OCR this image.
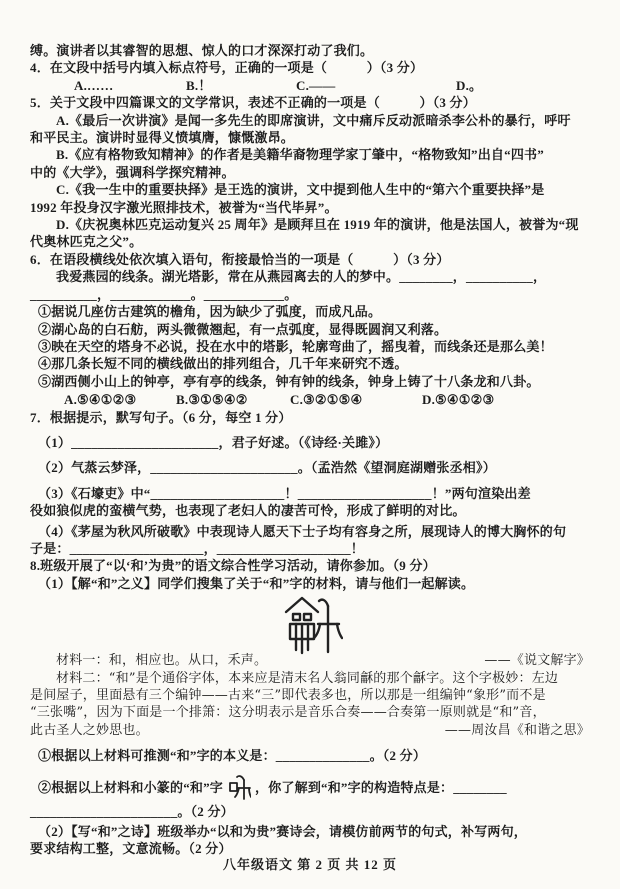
缚。演讲者以其睿智的思想、惊人的口才深深打动了我们。
4．在文段中括号内填入标点符号，正确的一项是（　　　）（3 分）
A.……	B.！	C.——	D.。
5．关于文段中四篇课文的文学常识，表述不正确的一项是（　　　）（3 分）
A.《最后一次讲演》是闻一多先生的即席演讲，文中痛斥反动派暗杀李公朴的暴行，呼吁
和平民主。演讲时显得义愤填膺，慷慨激昂。
B.《应有格物致知精神》的作者是美籍华裔物理学家丁肇中，“格物致知”出自“四书”
中的《大学》，强调科学探究精神。
C.《我一生中的重要抉择》是王选的演讲，文中提到他人生中的“第六个重要抉择”是
1992 年投身汉字激光照排技术，被誉为“当代毕昇”。
D.《庆祝奥林匹克运动复兴 25 周年》是顾拜旦在 1919 年的演讲，他是法国人，被誉为“现
代奥林匹克之父”。
6．在语段横线处依次填入语句，衔接最恰当的一项是（　　　）（3 分）
我爱燕园的线条。湖光塔影，常在从燕园离去的人的梦中。________，__________，
__________，____________。____________。
①据说几座仿古建筑的檐角，因为缺少了弧度，而成凡品。
②湖心岛的白石舫，两头微微翘起，有一点弧度，显得既圆润又利落。
③映在天空的塔身不必说，投在水中的塔影，轮廓弯曲了，摇曳着，而线条还是那么美！
④那几条长短不同的横线做出的排列组合，几千年来研究不透。
⑤湖西侧小山上的钟亭，亭有亭的线条，钟有钟的线条，钟身上铸了十八条龙和八卦。
A.⑤④①②③	B.③①⑤④②	C.③②①⑤④	D.⑤④①②③
7．根据提示，默写句子。（6 分，每空 1 分）
（1）______________________，君子好逑。（《诗经·关雎》）
（2）气蒸云梦泽，______________________。（孟浩然《望洞庭湖赠张丞相》）
（3）《石壕吏》中“____________________！____________________！”两句渲染出差
役如狼似虎的蛮横气势，也表现了老妇人的凄苦可怜，形成了鲜明的对比。
（4）《茅屋为秋风所破歌》中表现诗人愿天下士子均有容身之所，展现诗人的博大胸怀的句
子是：____________________，____________________！
8.班级开展了“以‘和’为贵”的语文综合性学习活动，请你参加。（9 分）
（1）【解“和”之义】同学们搜集了关于“和”字的材料，请与他们一起解读。
材料一：和，相应也。从口，禾声。	——《说文解字》
材料二：“和”是个通俗字体，本来应是清末名人翁同龢的那个龢字。这个字极妙：左边
是间屋子，里面悬有三个编钟——古来“三”即代表多也，所以那是一组编钟“象形”而不是
“三张嘴”，因为下面是一个排箫：这分明表示是音乐合奏——合奏第一原则就是“和”音，
此古圣人之妙思也。	——周汝昌《和谐之思》
①根据以上材料可推测“和”字的本义是：______________。（2 分）
②根据以上材料和小篆的“和”字 ，你了解到“和”字的构造特点是：________
______________________。（2 分）
（2）【写“和”之诗】班级举办“以和为贵”赛诗会，请模仿前两节的句式，补写两句，
要求结构工整，文意流畅。（2 分）
八年级语文 第 2 页 共 12 页
